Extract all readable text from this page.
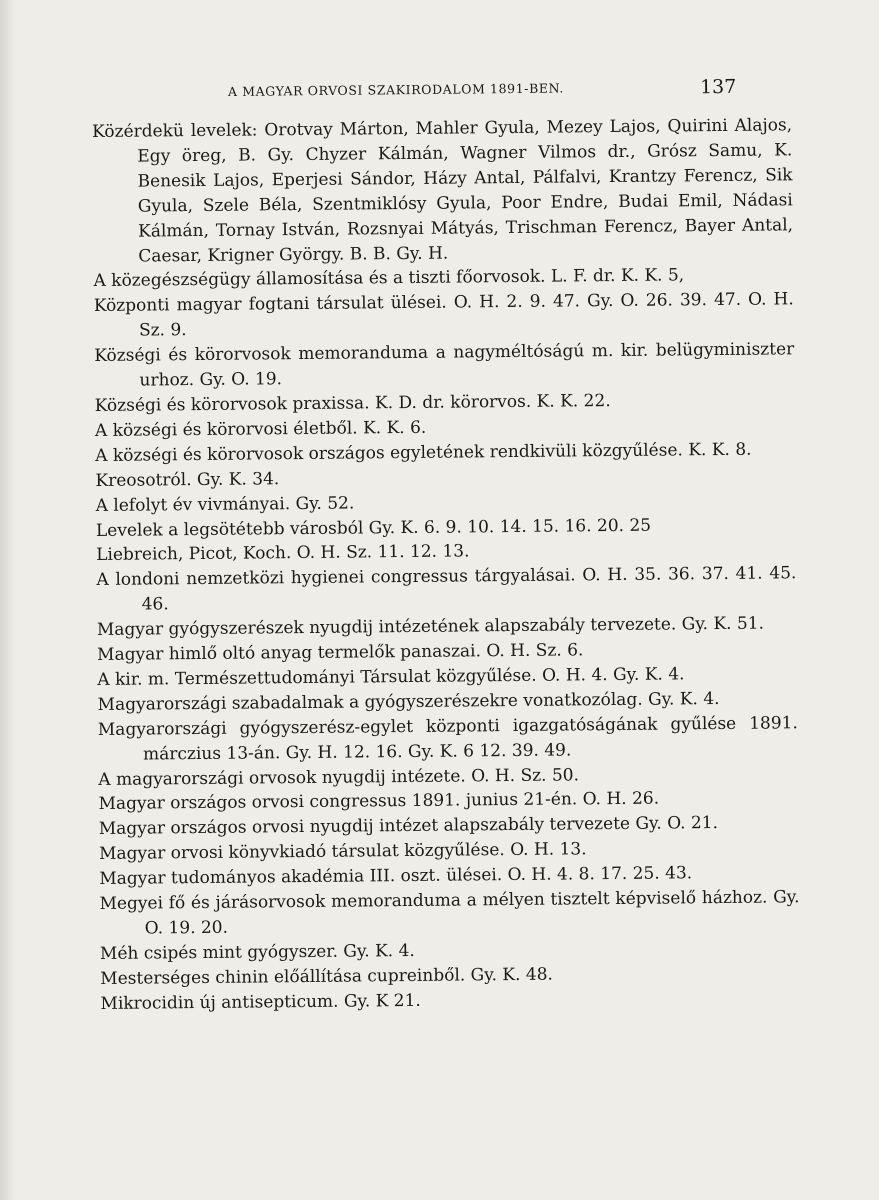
A MAGYAR ORVOSI SZAKIRODALOM 1891-BEN.	137
Közérdekü levelek: Orotvay Márton, Mahler Gyula, Mezey Lajos, Quirini Alajos, Egy öreg, B. Gy. Chyzer Kálmán, Wagner Vilmos dr., Grósz Samu, K. Benesik Lajos, Eperjesi Sándor, Házy Antal, Pálfalvi, Krantzy Ferencz, Sik Gyula, Szele Béla, Szentmiklósy Gyula, Poor Endre, Budai Emil, Nádasi Kálmán, Tornay István, Rozsnyai Mátyás, Trischman Ferencz, Bayer Antal, Caesar, Krigner György. B. B. Gy. H.
A közegészségügy államosítása és a tiszti főorvosok. L. F. dr. K. K. 5,
Központi magyar fogtani társulat ülései. O. H. 2. 9. 47. Gy. O. 26. 39. 47. O. H. Sz. 9.
Községi és körorvosok memoranduma a nagyméltóságú m. kir. belügyminiszter urhoz. Gy. O. 19.
Községi és körorvosok praxissa. K. D. dr. körorvos. K. K. 22.
A községi és körorvosi életből. K. K. 6.
A községi és körorvosok országos egyletének rendkivüli közgyűlése. K. K. 8.
Kreosotról. Gy. K. 34.
A lefolyt év vivmányai. Gy. 52.
Levelek a legsötétebb városból Gy. K. 6. 9. 10. 14. 15. 16. 20. 25
Liebreich, Picot, Koch. O. H. Sz. 11. 12. 13.
A londoni nemzetközi hygienei congressus tárgyalásai. O. H. 35. 36. 37. 41. 45. 46.
Magyar gyógyszerészek nyugdij intézetének alapszabály tervezete. Gy. K. 51.
Magyar himlő oltó anyag termelők panaszai. O. H. Sz. 6.
A kir. m. Természettudományi Társulat közgyűlése. O. H. 4. Gy. K. 4.
Magyarországi szabadalmak a gyógyszerészekre vonatkozólag. Gy. K. 4.
Magyarországi gyógyszerész-egylet központi igazgatóságának gyűlése 1891. márczius 13-án. Gy. H. 12. 16. Gy. K. 6 12. 39. 49.
A magyarországi orvosok nyugdij intézete. O. H. Sz. 50.
Magyar országos orvosi congressus 1891. junius 21-én. O. H. 26.
Magyar országos orvosi nyugdij intézet alapszabály tervezete Gy. O. 21.
Magyar orvosi könyvkiadó társulat közgyűlése. O. H. 13.
Magyar tudományos akadémia III. oszt. ülései. O. H. 4. 8. 17. 25. 43.
Megyei fő és járásorvosok memoranduma a mélyen tisztelt képviselő házhoz. Gy. O. 19. 20.
Méh csipés mint gyógyszer. Gy. K. 4.
Mesterséges chinin előállítása cupreinből. Gy. K. 48.
Mikrocidin új antisepticum. Gy. K 21.
